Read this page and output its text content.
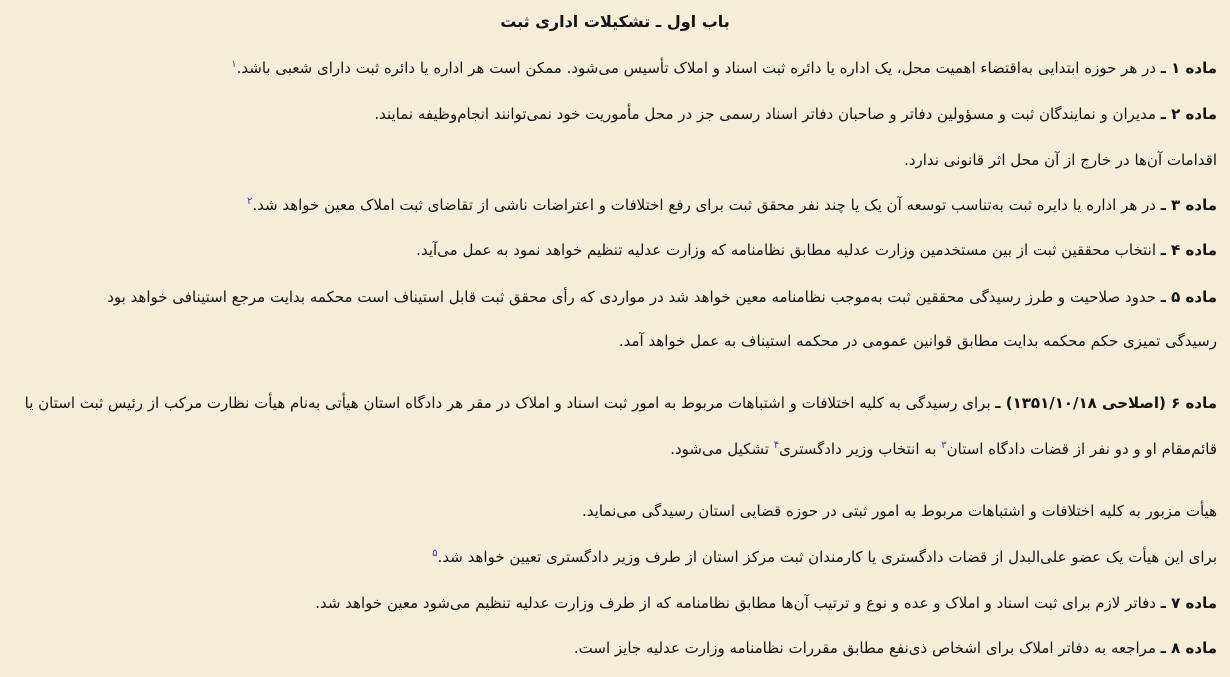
باب اول ـ تشکیلات اداری ثبت

ماده ۱ ـ در هر حوزه ابتدایی به‌اقتضاء اهمیت محل، یک اداره یا دائره ثبت اسناد و املاک تأسیس می‌شود. ممکن است هر اداره یا دائره ثبت دارای شعبی باشد.$^۱$

ماده ۲ ـ مدیران و نمایندگان ثبت و مسؤولین دفاتر و صاحبان دفاتر اسناد رسمی جز در محل مأموریت خود نمی‌توانند انجام‌وظیفه نمایند.

اقدامات آن‌ها در خارج از آن محل اثر قانونی ندارد.

ماده ۳ ـ در هر اداره یا دایره ثبت به‌تناسب توسعه آن یک یا چند نفر محقق ثبت برای رفع اختلافات و اعتراضات ناشی از تقاضای ثبت املاک معین خواهد شد.$^۲$

ماده ۴ ـ انتخاب محققین ثبت از بین مستخدمین وزارت عدلیه مطابق نظامنامه که وزارت عدلیه تنظیم خواهد نمود به عمل می‌آید.

ماده ۵ ـ حدود صلاحیت و طرز رسیدگی محققین ثبت به‌موجب نظامنامه معین خواهد شد در مواردی که رأی محقق ثبت قابل استیناف است محکمه بدایت مرجع استینافی خواهد بود

رسیدگی تمیزی حکم محکمه بدایت مطابق قوانین عمومی در محکمه استیناف به عمل خواهد آمد.

ماده ۶ (اصلاحی ۱۳۵۱/۱۰/۱۸) ـ برای رسیدگی به کلیه اختلافات و اشتباهات مربوط به امور ثبت اسناد و املاک در مقر هر دادگاه استان هیأتی به‌نام هیأت نظارت مرکب از رئیس ثبت استان یا

قائم‌مقام او و دو نفر از قضات دادگاه استان$^۳$ به انتخاب وزیر دادگستری$^۴$ تشکیل می‌شود.

هیأت مزبور به کلیه اختلافات و اشتباهات مربوط به امور ثبتی در حوزه قضایی استان رسیدگی می‌نماید.

برای این هیأت یک عضو علی‌البدل از قضات دادگستری یا کارمندان ثبت مرکز استان از طرف وزیر دادگستری تعیین خواهد شد.$^۵$

ماده ۷ ـ دفاتر لازم برای ثبت اسناد و املاک و عده و نوع و ترتیب آن‌ها مطابق نظامنامه که از طرف وزارت عدلیه تنظیم می‌شود معین خواهد شد.

ماده ۸ ـ مراجعه به دفاتر املاک برای اشخاص ذی‌نفع مطابق مقررات نظامنامه وزارت عدلیه جایز است.
